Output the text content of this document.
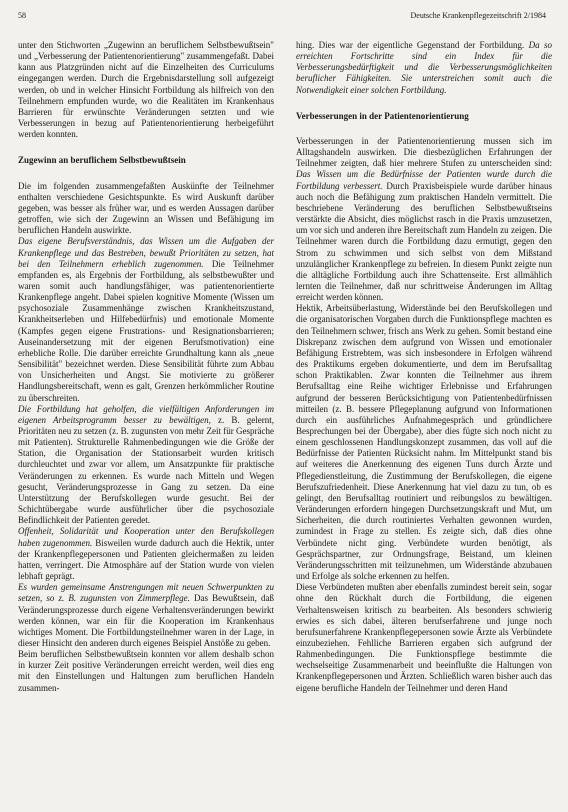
58	Deutsche Krankenpflegezeitschrift 2/1984

unter den Stichworten „Zugewinn an beruflichem Selbstbewußtsein" und „Verbesserung der Patientenorientierung" zusammengefaßt. Dabei kann aus Platzgründen nicht auf die Einzelheiten des Curriculums eingegangen werden. Durch die Ergebnisdarstellung soll aufgezeigt werden, ob und in welcher Hinsicht Fortbildung als hilfreich von den Teilnehmern empfunden wurde, wo die Realitäten im Krankenhaus Barrieren für erwünschte Veränderungen setzten und wie Verbesserungen in bezug auf Patientenorientierung herbeigeführt werden konnten.

Zugewinn an beruflichem Selbstbewußtsein

Die im folgenden zusammengefaßten Auskünfte der Teilnehmer enthalten verschiedene Gesichtspunkte. Es wird Auskunft darüber gegeben, was besser als früher war, und es werden Aussagen darüber getroffen, wie sich der Zugewinn an Wissen und Befähigung im beruflichen Handeln auswirkte.

Das eigene Berufsverständnis, das Wissen um die Aufgaben der Krankenpflege und das Bestreben, bewußt Prioritäten zu setzen, hat bei den Teilnehmern erheblich zugenommen. Die Teilnehmer empfanden es, als Ergebnis der Fortbildung, als selbstbewußter und waren somit auch handlungsfähiger, was patientenorientierte Krankenpflege angeht. Dabei spielen kognitive Momente (Wissen um psychosoziale Zusammenhänge zwischen Krankheitszustand, Krankheitserleben und Hilfebedürfnis) und emotionale Momente (Kampfes gegen eigene Frustrations- und Resignationsbarrieren; Auseinandersetzung mit der eigenen Berufsmotivation) eine erhebliche Rolle. Die darüber erreichte Grundhaltung kann als „neue Sensibilität" bezeichnet werden. Diese Sensibilität führte zum Abbau von Unsicherheiten und Angst. Sie motivierte zu größerer Handlungsbereitschaft, wenn es galt, Grenzen herkömmlicher Routine zu überschreiten.

Die Fortbildung hat geholfen, die vielfältigen Anforderungen im eigenen Arbeitsprogramm besser zu bewältigen, z. B. gelernt, Prioritäten neu zu setzen (z. B. zugunsten von mehr Zeit für Gespräche mit Patienten). Strukturelle Rahmenbedingungen wie die Größe der Station, die Organisation der Stationsarbeit wurden kritisch durchleuchtet und zwar vor allem, um Ansatzpunkte für praktische Veränderungen zu erkennen. Es wurde nach Mitteln und Wegen gesucht, Veränderungsprozesse in Gang zu setzen. Da eine Unterstützung der Berufskollegen wurde gesucht. Bei der Schichtübergabe wurde ausführlicher über die psychosoziale Befindlichkeit der Patienten geredet.

Offenheit, Solidarität und Kooperation unter den Berufskollegen haben zugenommen. Bisweilen wurde dadurch auch die Hektik, unter der Krankenpflegepersonen und Patienten gleichermaßen zu leiden hatten, verringert. Die Atmosphäre auf der Station wurde von vielen lebhaft geprägt.

Es wurden gemeinsame Anstrengungen mit neuen Schwerpunkten zu setzen, so z. B. zugunsten von Zimmerpflege. Das Bewußtsein, daß Veränderungsprozesse durch eigene Verhaltensveränderungen bewirkt werden können, war ein für die Kooperation im Krankenhaus wichtiges Moment. Die Fortbildungsteilnehmer waren in der Lage, in dieser Hinsicht den anderen durch eigenes Beispiel Anstöße zu geben.

Beim beruflichen Selbstbewußtsein konnten vor allem deshalb schon in kurzer Zeit positive Veränderungen erreicht werden, weil dies eng mit den Einstellungen und Haltungen zum beruflichen Handeln zusammen-

hing. Dies war der eigentliche Gegenstand der Fortbildung. Da so erreichten Fortschritte sind ein Index für die Verbesserungsbedürftigkeit und die Verbesserungsmöglichkeiten beruflicher Fähigkeiten. Sie unterstreichen somit auch die Notwendigkeit einer solchen Fortbildung.

Verbesserungen in der Patientenorientierung

Verbesserungen in der Patientenorientierung mussen sich im Alltagshandeln auswirken. Die diesbezüglichen Erfahrungen der Teilnehmer zeigten, daß hier mehrere Stufen zu unterscheiden sind: Das Wissen um die Bedürfnisse der Patienten wurde durch die Fortbildung verbessert. Durch Praxisbeispiele wurde darüber hinaus auch noch die Befähigung zum praktischen Handeln vermittelt. Die beschriebene Veränderung des beruflichen Selbstbewußtseins verstärkte die Absicht, dies möglichst rasch in die Praxis umzusetzen, um vor sich und anderen ihre Bereitschaft zum Handeln zu zeigen. Die Teilnehmer waren durch die Fortbildung dazu ermutigt, gegen den Strom zu schwimmen und sich selbst von dem Mißstand unzulänglicher Krankenpflege zu befreien. In diesem Punkt zeigte nun die alltägliche Fortbildung auch ihre Schattenseite. Erst allmählich lernten die Teilnehmer, daß nur schrittweise Änderungen im Alltag erreicht werden können.

Hektik, Arbeitsüberlastung, Widerstände bei den Berufskollegen und die organisatorischen Vorgaben durch die Funktionspflege machten es den Teilnehmern schwer, frisch ans Werk zu gehen. Somit bestand eine Diskrepanz zwischen dem aufgrund von Wissen und emotionaler Befähigung Erstrebtem, was sich insbesondere in Erfolgen während des Praktikums ergeben dokumentierte, und dem im Berufsalltag schon Praktikablen. Zwar konnten die Teilnehmer aus ihrem Berufsalltag eine Reihe wichtiger Erlebnisse und Erfahrungen aufgrund der besseren Berücksichtigung von Patientenbedürfnissen mitteilen (z. B. bessere Pflegeplanung aufgrund von Informationen durch ein ausführliches Aufnahmegespräch und gründlichere Besprechungen bei der Übergabe), aber dies fügte sich noch nicht zu einem geschlossenen Handlungskonzept zusammen, das voll auf die Bedürfnisse der Patienten Rücksicht nahm. Im Mittelpunkt stand bis auf weiteres die Anerkennung des eigenen Tuns durch Ärzte und Pflegedienstleitung, die Zustimmung der Berufskollegen, die eigene Berufszufriedenheit. Diese Anerkennung hat viel dazu zu tun, ob es gelingt, den Berufsalltag routiniert und reibungslos zu bewältigen. Veränderungen erfordern hingegen Durchsetzungskraft und Mut, um Sicherheiten, die durch routiniertes Verhalten gewonnen wurden, zumindest in Frage zu stellen. Es zeigte sich, daß dies ohne Verbündete nicht ging. Verbündete wurden benötigt, als Gesprächspartner, zur Ordnungsfrage, Beistand, um kleinen Veränderungsschritten mit teilzunehmen, um Widerstände abzubauen und Erfolge als solche erkennen zu helfen.

Diese Verbündeten mußten aber ebenfalls zumindest bereit sein, sogar ohne den Rückhalt durch die Fortbildung, die eigenen Verhaltensweisen kritisch zu bearbeiten. Als besonders schwierig erwies es sich dabei, älteren berufserfahrene und junge noch berufsunerfahrene Krankenpflegepersonen sowie Ärzte als Verbündete einzubeziehen. Fehlliche Barrieren ergaben sich aufgrund der Rahmenbedingungen. Die Funktionspflege bestimmte die wechselseitige Zusammenarbeit und beeinflußte die Haltungen von Krankenpflegepersonen und Ärzten. Schließlich waren bisher auch das eigene berufliche Handeln der Teilnehmer und deren Hand
